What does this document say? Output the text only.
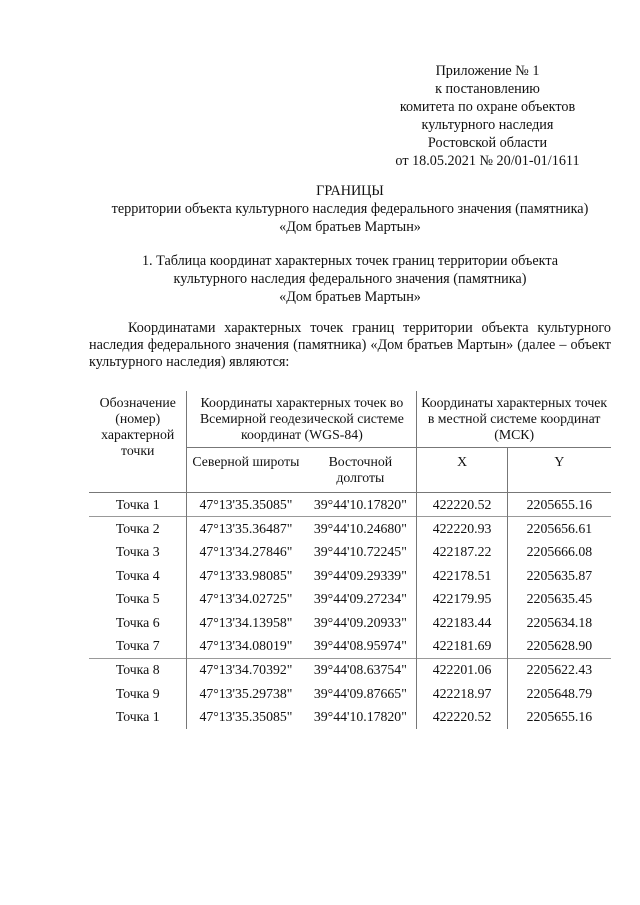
Приложение № 1
к постановлению
комитета по охране объектов
культурного наследия
Ростовской области
от 18.05.2021 № 20/01-01/1611
ГРАНИЦЫ
территории объекта культурного наследия федерального значения (памятника)
«Дом братьев Мартын»
1. Таблица координат характерных точек границ территории объекта
культурного наследия федерального значения (памятника)
«Дом братьев Мартын»
Координатами характерных точек границ территории объекта культурного наследия федерального значения (памятника) «Дом братьев Мартын» (далее – объект культурного наследия) являются:
Обозначение (номер) характерной точки	Координаты характерных точек во Всемирной геодезической системе координат (WGS-84)		Координаты характерных точек в местной системе координат (МСК)	
	Северной широты	Восточной долготы	X	Y
Точка 1	47°13'35.35085"	39°44'10.17820"	422220.52	2205655.16
Точка 2	47°13'35.36487"	39°44'10.24680"	422220.93	2205656.61
Точка 3	47°13'34.27846"	39°44'10.72245"	422187.22	2205666.08
Точка 4	47°13'33.98085"	39°44'09.29339"	422178.51	2205635.87
Точка 5	47°13'34.02725"	39°44'09.27234"	422179.95	2205635.45
Точка 6	47°13'34.13958"	39°44'09.20933"	422183.44	2205634.18
Точка 7	47°13'34.08019"	39°44'08.95974"	422181.69	2205628.90
Точка 8	47°13'34.70392"	39°44'08.63754"	422201.06	2205622.43
Точка 9	47°13'35.29738"	39°44'09.87665"	422218.97	2205648.79
Точка 1	47°13'35.35085"	39°44'10.17820"	422220.52	2205655.16
